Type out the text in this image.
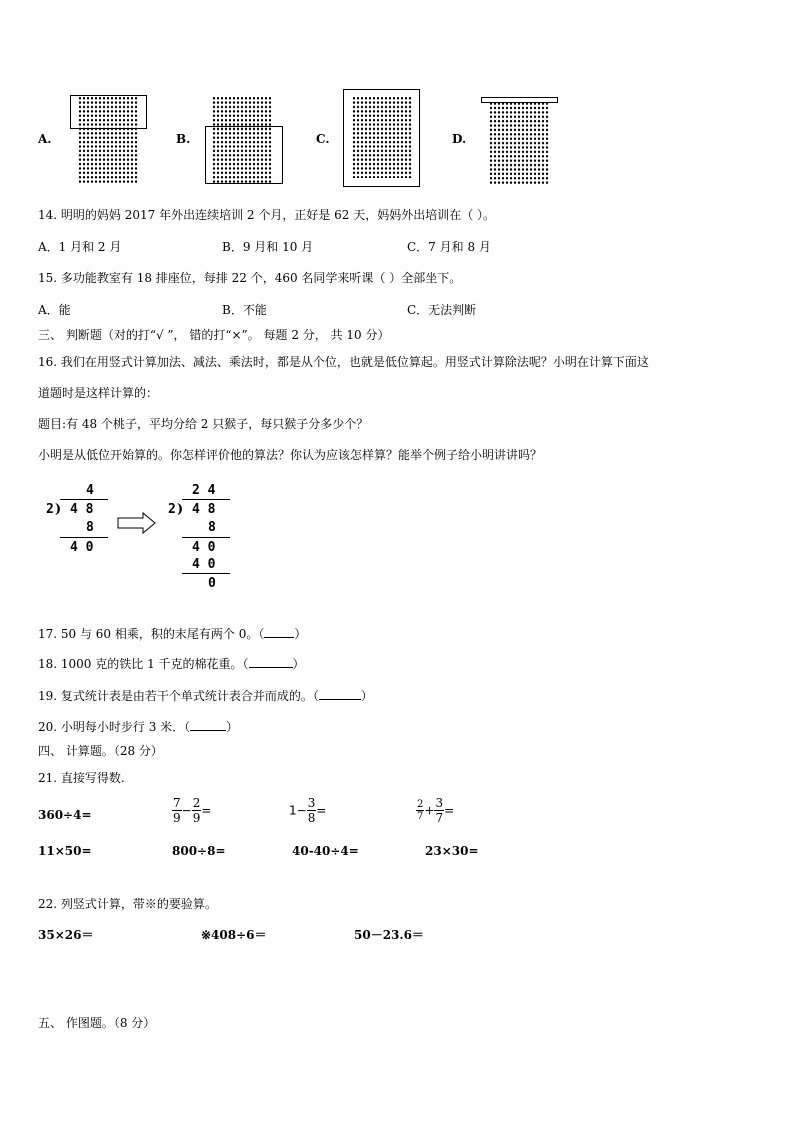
A.	B.	C.	D.
14. 明明的妈妈 2017 年外出连续培训 2 个月，正好是 62 天，妈妈外出培训在（ ）。
A．1 月和 2 月	B．9 月和 10 月	C．7 月和 8 月
15. 多功能教室有 18 排座位，每排 22 个，460 名同学来听课（ ）全部坐下。
A．能	B．不能	C．无法判断
三、 判断题（对的打“√ ”， 错的打“×”。 每题 2 分， 共 10 分）
16. 我们在用竖式计算加法、减法、乘法时，都是从个位，也就是低位算起。用竖式计算除法呢？小明在计算下面这
道题时是这样计算的：
题目:有 48 个桃子，平均分给 2 只猴子，每只猴子分多少个？
小明是从低位开始算的。你怎样评价他的算法？你认为应该怎样算？能举个例子给小明讲讲吗？
4
2 ) 4 8
8
4 0
2 4
2 ) 4 8
8
4 0
4 0
0
17. 50 与 60 相乘，积的末尾有两个 0。（	）
18. 1000 克的铁比 1 千克的棉花重。（	）
19. 复式统计表是由若干个单式统计表合并而成的。（	）
20. 小明每小时步行 3 米．（	）
四、 计算题。（28 分）
21. 直接写得数.
360÷4=	$\frac{7}{9} - \frac{2}{9}$ =	$1- \frac{3}{8}$ =	$\frac{2}{7} + \frac{3}{7}$ =
11×50=	800÷8=	40-40÷4=	23×30=
22. 列竖式计算，带※的要验算。
35×26＝	※408÷6＝	50－23.6＝
五、 作图题。（8 分）
